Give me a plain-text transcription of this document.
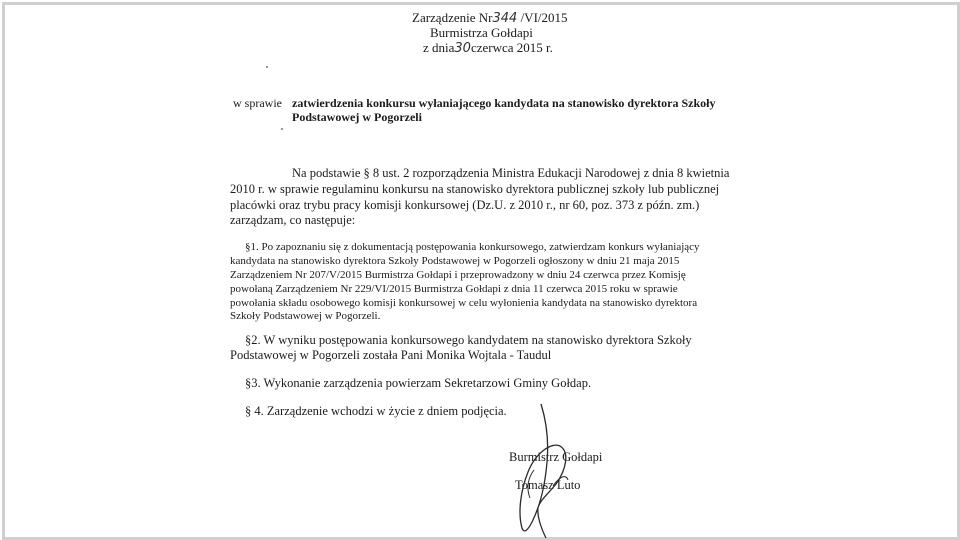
Zarządzenie Nr344 /VI/2015
Burmistrza Gołdapi
z dnia30czerwca 2015 r.
w sprawie zatwierdzenia konkursu wyłaniającego kandydata na stanowisko dyrektora Szkoły
Podstawowej w Pogorzeli
Na podstawie § 8 ust. 2 rozporządzenia Ministra Edukacji Narodowej z dnia 8 kwietnia
2010 r. w sprawie regulaminu konkursu na stanowisko dyrektora publicznej szkoły lub publicznej
placówki oraz trybu pracy komisji konkursowej (Dz.U. z 2010 r., nr 60, poz. 373 z późn. zm.)
zarządzam, co następuje:
§1. Po zapoznaniu się z dokumentacją postępowania konkursowego, zatwierdzam konkurs wyłaniający
kandydata na stanowisko dyrektora Szkoły Podstawowej w Pogorzeli ogłoszony w dniu 21 maja 2015
Zarządzeniem Nr 207/V/2015 Burmistrza Gołdapi i przeprowadzony w dniu 24 czerwca przez Komisję
powołaną Zarządzeniem Nr 229/VI/2015 Burmistrza Gołdapi z dnia 11 czerwca 2015 roku w sprawie
powołania składu osobowego komisji konkursowej w celu wyłonienia kandydata na stanowisko dyrektora
Szkoły Podstawowej w Pogorzeli.
§2. W wyniku postępowania konkursowego kandydatem na stanowisko dyrektora Szkoły
Podstawowej w Pogorzeli została Pani Monika Wojtala - Taudul
§3. Wykonanie zarządzenia powierzam Sekretarzowi Gminy Gołdap.
§ 4. Zarządzenie wchodzi w życie z dniem podjęcia.
Burmistrz Gołdapi
Tomasz Luto
